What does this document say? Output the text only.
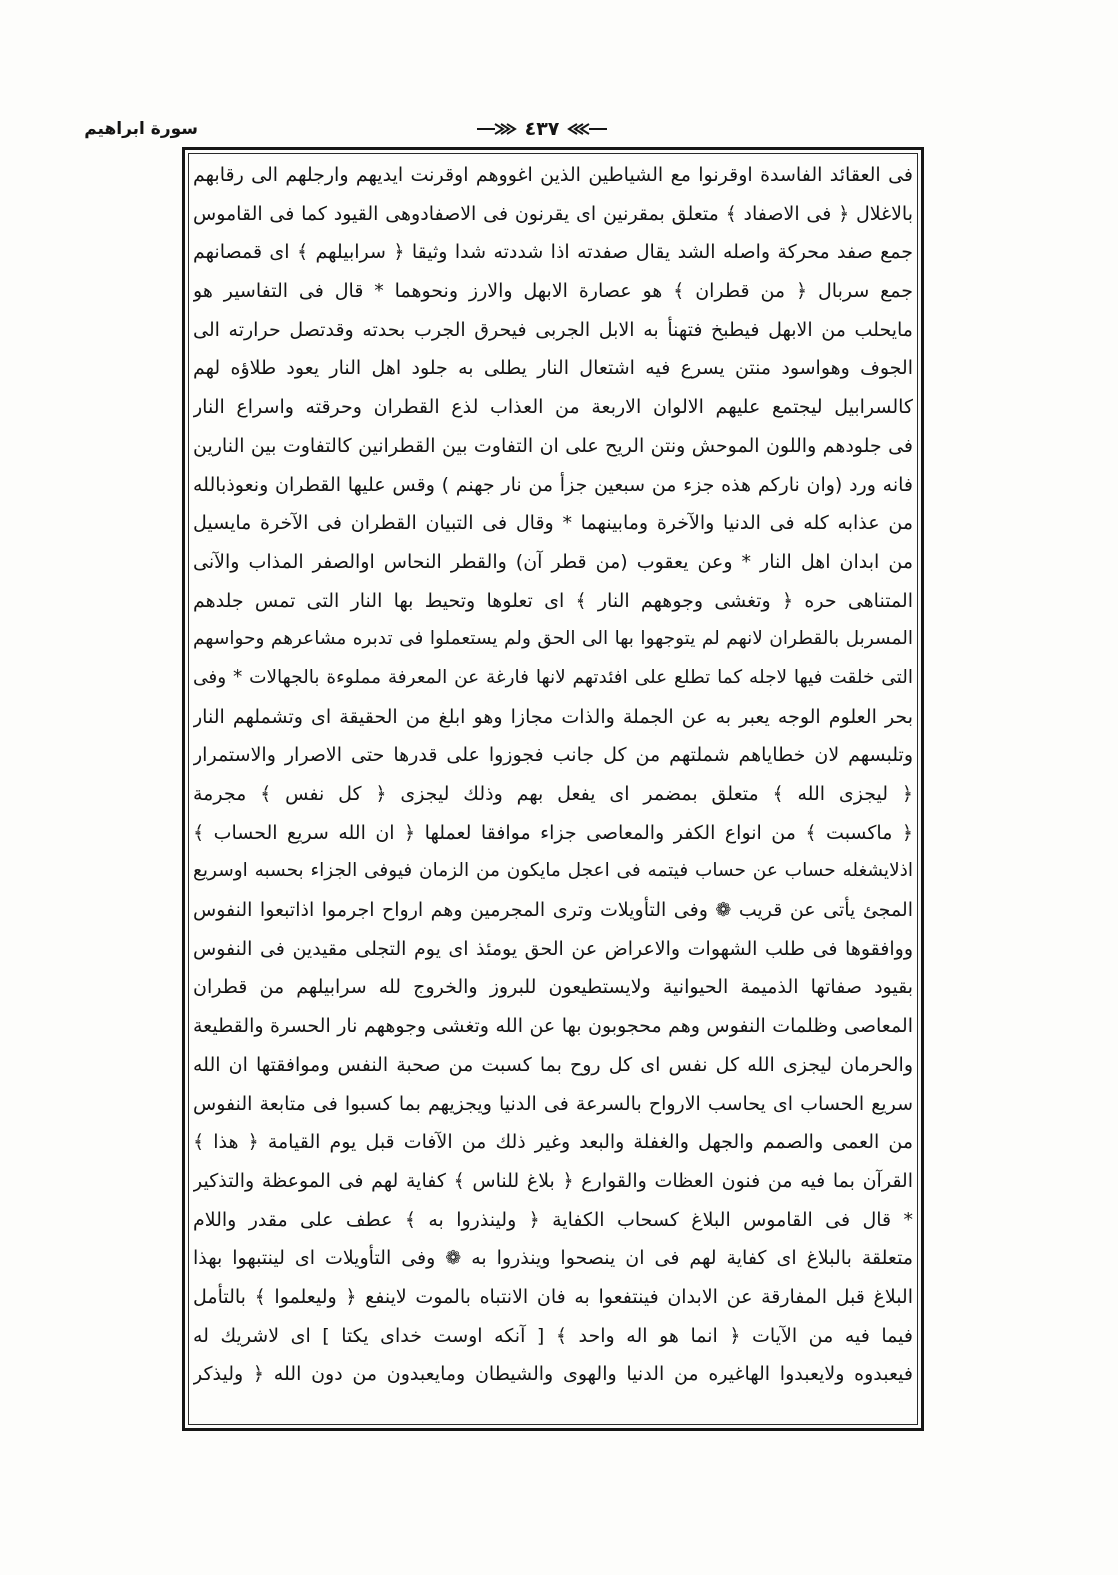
سورة ابراهيم	٤٣٧
فى العقائد الفاسدة اوقرنوا مع الشياطين الذين اغووهم اوقرنت ايديهم وارجلهم الى رقابهم
بالاغلال ﴿ فى الاصفاد ﴾ متعلق بمقرنين اى يقرنون فى الاصفادوهى القيود كما فى القاموس
جمع صفد محركة واصله الشد يقال صفدته اذا شددته شدا وثيقا ﴿ سرابيلهم ﴾ اى قمصانهم
جمع سربال ﴿ من قطران ﴾ هو عصارة الابهل والارز ونحوهما * قال فى التفاسير هو
مايحلب من الابهل فيطبخ فتهنأ به الابل الجربى فيحرق الجرب بحدته وقدتصل حرارته الى
الجوف وهواسود منتن يسرع فيه اشتعال النار يطلى به جلود اهل النار يعود طلاؤه لهم
كالسرابيل ليجتمع عليهم الالوان الاربعة من العذاب لذع القطران وحرقته واسراع النار
فى جلودهم واللون الموحش ونتن الريح على ان التفاوت بين القطرانين كالتفاوت بين النارين
فانه ورد (وان ناركم هذه جزء من سبعين جزأ من نار جهنم ) وقس عليها القطران ونعوذبالله
من عذابه كله فى الدنيا والآخرة ومابينهما * وقال فى التبيان القطران فى الآخرة مايسيل
من ابدان اهل النار * وعن يعقوب (من قطر آن) والقطر النحاس اوالصفر المذاب والآنى
المتناهى حره ﴿ وتغشى وجوههم النار ﴾ اى تعلوها وتحيط بها النار التى تمس جلدهم
المسربل بالقطران لانهم لم يتوجهوا بها الى الحق ولم يستعملوا فى تدبره مشاعرهم وحواسهم
التى خلقت فيها لاجله كما تطلع على افئدتهم لانها فارغة عن المعرفة مملوءة بالجهالات * وفى
بحر العلوم الوجه يعبر به عن الجملة والذات مجازا وهو ابلغ من الحقيقة اى وتشملهم النار
وتلبسهم لان خطاياهم شملتهم من كل جانب فجوزوا على قدرها حتى الاصرار والاستمرار
﴿ ليجزى الله ﴾ متعلق بمضمر اى يفعل بهم وذلك ليجزى ﴿ كل نفس ﴾ مجرمة
﴿ ماكسبت ﴾ من انواع الكفر والمعاصى جزاء موافقا لعملها ﴿ ان الله سريع الحساب ﴾
اذلايشغله حساب عن حساب فيتمه فى اعجل مايكون من الزمان فيوفى الجزاء بحسبه اوسريع
المجئ يأتى عن قريب ❁ وفى التأويلات وترى المجرمين وهم ارواح اجرموا اذاتبعوا النفوس
ووافقوها فى طلب الشهوات والاعراض عن الحق يومئذ اى يوم التجلى مقيدين فى النفوس
بقيود صفاتها الذميمة الحيوانية ولايستطيعون للبروز والخروج لله سرابيلهم من قطران
المعاصى وظلمات النفوس وهم محجوبون بها عن الله وتغشى وجوههم نار الحسرة والقطيعة
والحرمان ليجزى الله كل نفس اى كل روح بما كسبت من صحبة النفس وموافقتها ان الله
سريع الحساب اى يحاسب الارواح بالسرعة فى الدنيا ويجزيهم بما كسبوا فى متابعة النفوس
من العمى والصمم والجهل والغفلة والبعد وغير ذلك من الآفات قبل يوم القيامة ﴿ هذا ﴾
القرآن بما فيه من فنون العظات والقوارع ﴿ بلاغ للناس ﴾ كفاية لهم فى الموعظة والتذكير
* قال فى القاموس البلاغ كسحاب الكفاية ﴿ ولينذروا به ﴾ عطف على مقدر واللام
متعلقة بالبلاغ اى كفاية لهم فى ان ينصحوا وينذروا به ❁ وفى التأويلات اى لينتبهوا بهذا
البلاغ قبل المفارقة عن الابدان فينتفعوا به فان الانتباه بالموت لاينفع ﴿ وليعلموا ﴾ بالتأمل
فيما فيه من الآيات ﴿ انما هو اله واحد ﴾ [ آنكه اوست خداى يكتا ] اى لاشريك له
فيعبدوه ولايعبدوا الهاغيره من الدنيا والهوى والشيطان ومايعبدون من دون الله ﴿ وليذكر
